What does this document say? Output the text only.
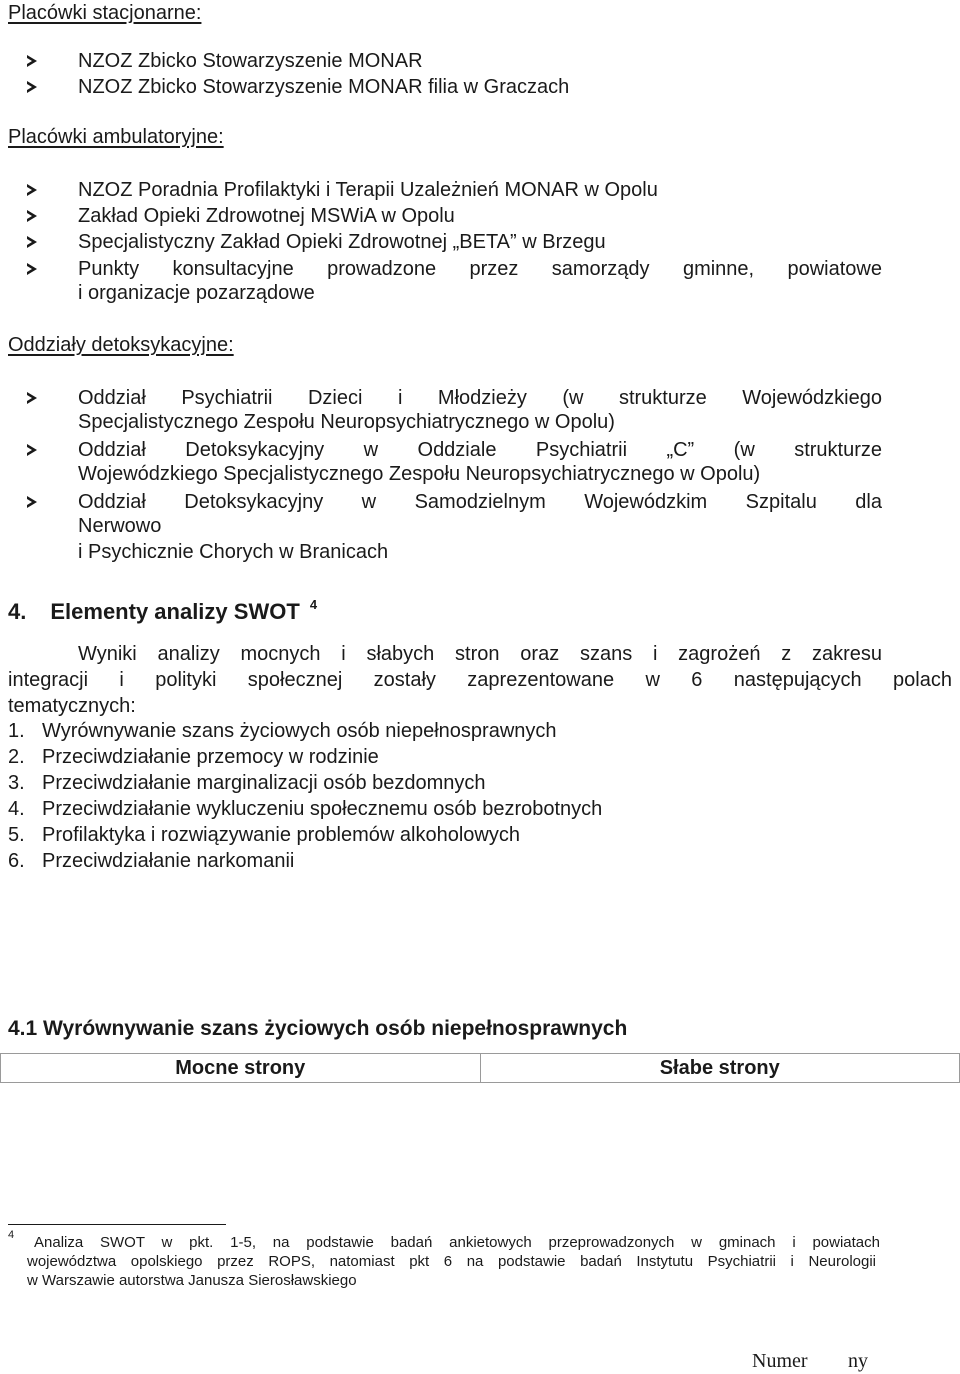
Placówki stacjonarne:
NZOZ Zbicko Stowarzyszenie MONAR
NZOZ Zbicko Stowarzyszenie MONAR filia w Graczach
Placówki ambulatoryjne:
NZOZ Poradnia Profilaktyki i Terapii Uzależnień MONAR w Opolu
Zakład Opieki Zdrowotnej MSWiA w Opolu
Specjalistyczny Zakład Opieki Zdrowotnej „BETA” w Brzegu
Punkty konsultacyjne prowadzone przez samorządy gminne, powiatowe
i organizacje pozarządowe
Oddziały detoksykacyjne:
Oddział Psychiatrii Dzieci i Młodzieży (w strukturze Wojewódzkiego
Oddział Detoksykacyjny w Oddziale Psychiatrii „C” (w strukturze
Oddział Detoksykacyjny w Samodzielnym Wojewódzkim Szpitalu dla
Specjalistycznego Zespołu Neuropsychiatrycznego w Opolu)
Wojewódzkiego Specjalistycznego Zespołu Neuropsychiatrycznego w Opolu)
Nerwowo
i Psychicznie Chorych w Branicach
4. Elementy analizy SWOT $^4$
Wyniki analizy mocnych i słabych stron oraz szans i zagrożeń z zakresu
integracji i polityki społecznej zostały zaprezentowane w 6 następujących polach
tematycznych:
1. Wyrównywanie szans życiowych osób niepełnosprawnych
2. Przeciwdziałanie przemocy w rodzinie
3. Przeciwdziałanie marginalizacji osób bezdomnych
4. Przeciwdziałanie wykluczeniu społecznemu osób bezrobotnych
5. Profilaktyka i rozwiązywanie problemów alkoholowych
6. Przeciwdziałanie narkomanii
4.1 Wyrównywanie szans życiowych osób niepełnosprawnych
Mocne strony	Słabe strony
4 Analiza SWOT w pkt. 1-5, na podstawie badań ankietowych przeprowadzonych w gminach i powiatach
województwa opolskiego przez ROPS, natomiast pkt 6 na podstawie badań Instytutu Psychiatrii i Neurologii
w Warszawie autorstwa Janusza Sierosławskiego
Numer ny
